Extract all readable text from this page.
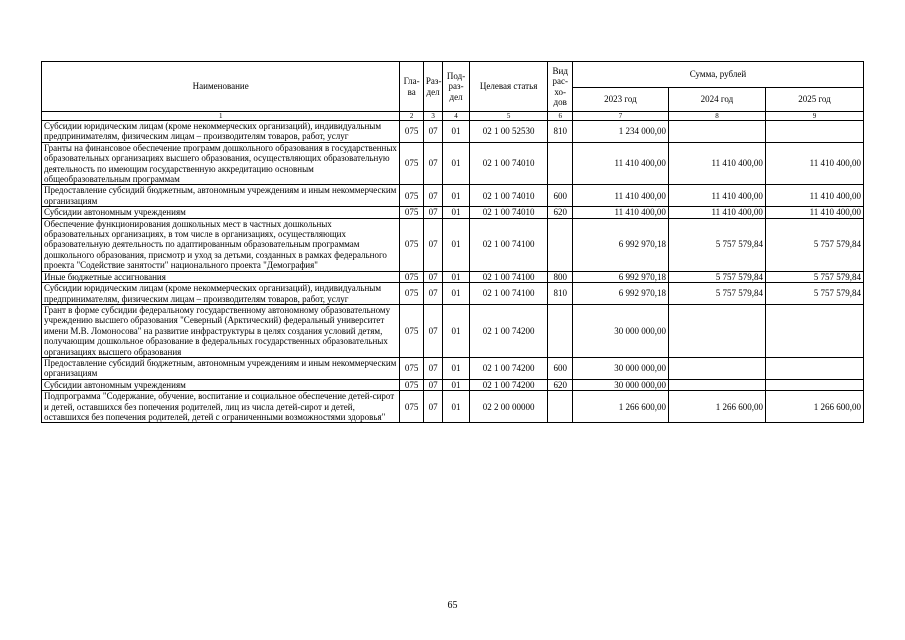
Наименование	Гла-ва	Раз-дел	Под-раз-дел	Целевая статья	Вид рас-хо-дов	Сумма, рублей		
						2023 год	2024 год	2025 год
1	2	3	4	5	6	7	8	9
Субсидии юридическим лицам (кроме некоммерческих организаций), индивидуальным предпринимателям, физическим лицам – производителям товаров, работ, услуг	075	07	01	02 1 00 52530	810	1 234 000,00		
Гранты на финансовое обеспечение программ дошкольного образования в государственных образовательных организациях высшего образования, осуществляющих образовательную деятельность по имеющим государственную аккредитацию основным общеобразовательным программам	075	07	01	02 1 00 74010		11 410 400,00	11 410 400,00	11 410 400,00
Предоставление субсидий бюджетным, автономным учреждениям и иным некоммерческим организациям	075	07	01	02 1 00 74010	600	11 410 400,00	11 410 400,00	11 410 400,00
Субсидии автономным учреждениям	075	07	01	02 1 00 74010	620	11 410 400,00	11 410 400,00	11 410 400,00
Обеспечение функционирования дошкольных мест в частных дошкольных образовательных организациях, в том числе в организациях, осуществляющих образовательную деятельность по адаптированным образовательным программам дошкольного образования, присмотр и уход за детьми, созданных в рамках федерального проекта "Содействие занятости" национального проекта "Демография"	075	07	01	02 1 00 74100		6 992 970,18	5 757 579,84	5 757 579,84
Иные бюджетные ассигнования	075	07	01	02 1 00 74100	800	6 992 970,18	5 757 579,84	5 757 579,84
Субсидии юридическим лицам (кроме некоммерческих организаций), индивидуальным предпринимателям, физическим лицам – производителям товаров, работ, услуг	075	07	01	02 1 00 74100	810	6 992 970,18	5 757 579,84	5 757 579,84
Грант в форме субсидии федеральному государственному автономному образовательному учреждению высшего образования "Северный (Арктический) федеральный университет имени М.В. Ломоносова" на развитие инфраструктуры в целях создания условий детям, получающим дошкольное образование в федеральных государственных образовательных организациях высшего образования	075	07	01	02 1 00 74200		30 000 000,00		
Предоставление субсидий бюджетным, автономным учреждениям и иным некоммерческим организациям	075	07	01	02 1 00 74200	600	30 000 000,00		
Субсидии автономным учреждениям	075	07	01	02 1 00 74200	620	30 000 000,00		
Подпрограмма "Содержание, обучение, воспитание и социальное обеспечение детей-сирот и детей, оставшихся без попечения родителей, лиц из числа детей-сирот и детей, оставшихся без попечения родителей, детей с ограниченными возможностями здоровья"	075	07	01	02 2 00 00000		1 266 600,00	1 266 600,00	1 266 600,00
65
